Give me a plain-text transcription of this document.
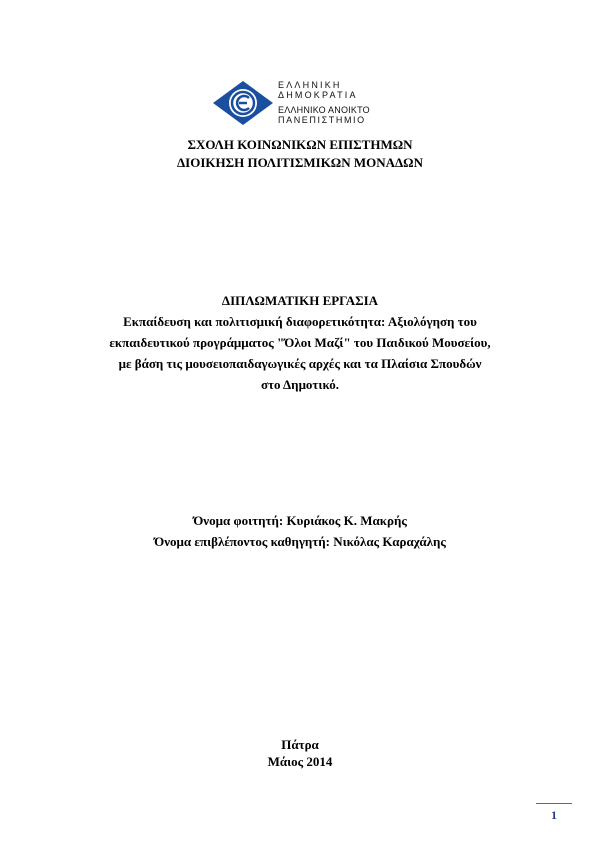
ΕΛΛΗΝΙΚΗ
ΔΗΜΟΚΡΑΤΙΑ
ΕΛΛΗΝΙΚΟ ΑΝΟΙΚΤΟ
ΠΑΝΕΠΙΣΤΗΜΙΟ
ΣΧΟΛΗ ΚΟΙΝΩΝΙΚΩΝ ΕΠΙΣΤΗΜΩΝ
ΔΙΟΙΚΗΣΗ ΠΟΛΙΤΙΣΜΙΚΩΝ ΜΟΝΑΔΩΝ
ΔΙΠΛΩΜΑΤΙΚΗ ΕΡΓΑΣΙΑ
Εκπαίδευση και πολιτισμική διαφορετικότητα: Αξιολόγηση του
εκπαιδευτικού προγράμματος "Όλοι Μαζί" του Παιδικού Μουσείου,
με βάση τις μουσειοπαιδαγωγικές αρχές και τα Πλαίσια Σπουδών
στο Δημοτικό.
Όνομα φοιτητή: Κυριάκος Κ. Μακρής
Όνομα επιβλέποντος καθηγητή: Νικόλας Καραχάλης
Πάτρα
Μάιος 2014
1
